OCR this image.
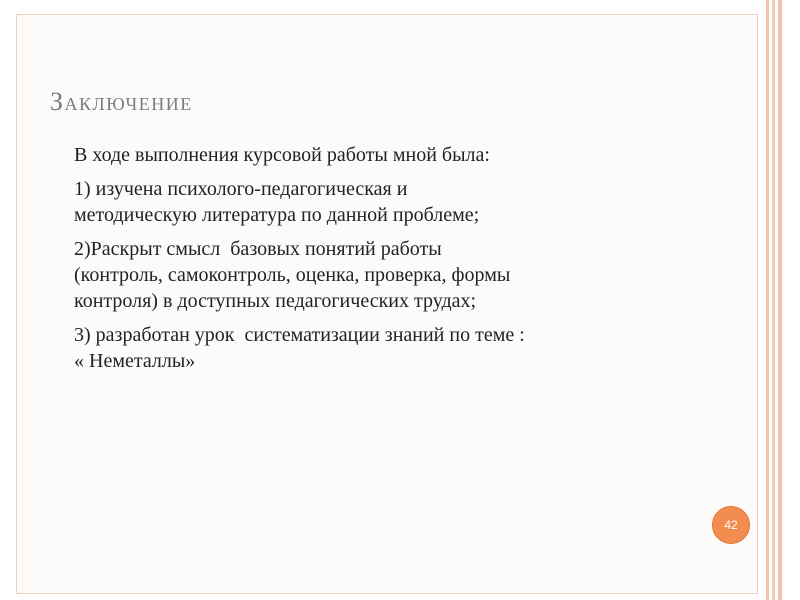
Заключение
В ходе выполнения курсовой работы мной была:
1) изучена психолого-педагогическая и
методическую литература по данной проблеме;
2)Раскрыт смысл  базовых понятий работы
(контроль, самоконтроль, оценка, проверка, формы
контроля) в доступных педагогических трудах;
3) разработан урок  систематизации знаний по теме :
« Неметаллы»
42
